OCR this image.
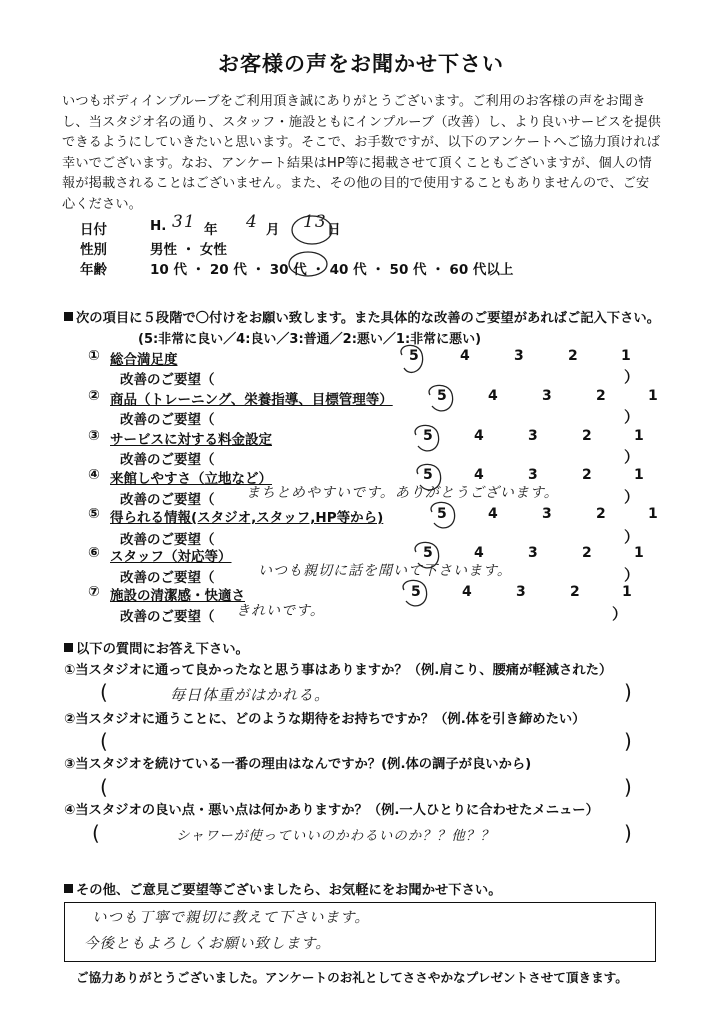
お客様の声をお聞かせ下さい
いつもボディインプルーブをご利用頂き誠にありがとうございます。ご利用のお客様の声をお聞きし、当スタジオ名の通り、スタッフ・施設ともにインプルーブ（改善）し、より良いサービスを提供できるようにしていきたいと思います。そこで、お手数ですが、以下のアンケートへご協力頂ければ幸いでございます。なお、アンケート結果はHP等に掲載させて頂くこともございますが、個人の情報が掲載されることはございません。また、その他の目的で使用することもありませんので、ご安心ください。
日付	H. 31 年 4 月 13 日
性別	男性 ・ 女性
年齢	10 代 ・ 20 代 ・ 30 代 ・ 40 代 ・ 50 代 ・ 60 代以上
次の項目に５段階で〇付けをお願い致します。また具体的な改善のご要望があればご記入下さい。
(5:非常に良い／4:良い／3:普通／2:悪い／1:非常に悪い)
① 総合満足度	5	4	3	2	1
改善のご要望（	）
② 商品（トレーニング、栄養指導、目標管理等）	5	4	3	2	1
改善のご要望（	）
③ サービスに対する料金設定	5	4	3	2	1
改善のご要望（	）
④ 来館しやすさ（立地など）	5	4	3	2	1
改善のご要望（ まちとめやすいです。ありがとうございます。	）
⑤ 得られる情報(スタジオ,スタッフ,HP等から)	5	4	3	2	1
改善のご要望（	）
⑥ スタッフ（対応等）	5	4	3	2	1
改善のご要望（	いつも親切に話を聞いて下さいます。	）
⑦ 施設の清潔感・快適さ	5	4	3	2	1
改善のご要望（ きれいです。	）
以下の質問にお答え下さい。
①当スタジオに通って良かったなと思う事はありますか？（例.肩こり、腰痛が軽減された）
(	毎日体重がはかれる。	)
②当スタジオに通うことに、どのような期待をお持ちですか？（例.体を引き締めたい）
(	)
③当スタジオを続けている一番の理由はなんですか？(例.体の調子が良いから)
(	)
④当スタジオの良い点・悪い点は何かありますか？（例.一人ひとりに合わせたメニュー）
(	シャワーが使っていいのかわるいのか？？他？？	)
その他、ご意見ご要望等ございましたら、お気軽にをお聞かせ下さい。
いつも丁寧で親切に教えて下さいます。
今後ともよろしくお願い致します。
ご協力ありがとうございました。アンケートのお礼としてささやかなプレゼントさせて頂きます。
